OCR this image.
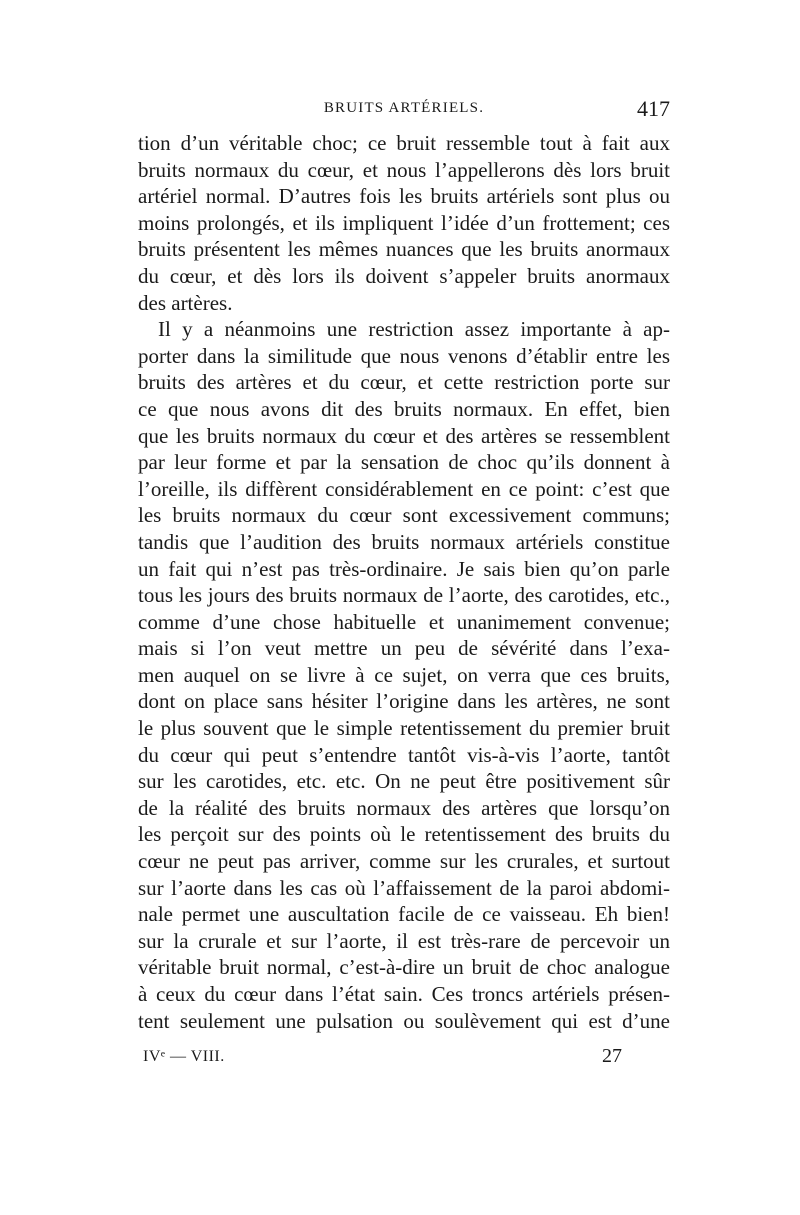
BRUITS ARTÉRIELS.	417
tion d’un véritable choc; ce bruit ressemble tout à fait aux
bruits normaux du cœur, et nous l’appellerons dès lors bruit
artériel normal. D’autres fois les bruits artériels sont plus ou
moins prolongés, et ils impliquent l’idée d’un frottement; ces
bruits présentent les mêmes nuances que les bruits anormaux
du cœur, et dès lors ils doivent s’appeler bruits anormaux
des artères.
Il y a néanmoins une restriction assez importante à ap-
porter dans la similitude que nous venons d’établir entre les
bruits des artères et du cœur, et cette restriction porte sur
ce que nous avons dit des bruits normaux. En effet, bien
que les bruits normaux du cœur et des artères se ressemblent
par leur forme et par la sensation de choc qu’ils donnent à
l’oreille, ils diffèrent considérablement en ce point: c’est que
les bruits normaux du cœur sont excessivement communs;
tandis que l’audition des bruits normaux artériels constitue
un fait qui n’est pas très-ordinaire. Je sais bien qu’on parle
tous les jours des bruits normaux de l’aorte, des carotides, etc.,
comme d’une chose habituelle et unanimement convenue;
mais si l’on veut mettre un peu de sévérité dans l’exa-
men auquel on se livre à ce sujet, on verra que ces bruits,
dont on place sans hésiter l’origine dans les artères, ne sont
le plus souvent que le simple retentissement du premier bruit
du cœur qui peut s’entendre tantôt vis-à-vis l’aorte, tantôt
sur les carotides, etc. etc. On ne peut être positivement sûr
de la réalité des bruits normaux des artères que lorsqu’on
les perçoit sur des points où le retentissement des bruits du
cœur ne peut pas arriver, comme sur les crurales, et surtout
sur l’aorte dans les cas où l’affaissement de la paroi abdomi-
nale permet une auscultation facile de ce vaisseau. Eh bien!
sur la crurale et sur l’aorte, il est très-rare de percevoir un
véritable bruit normal, c’est-à-dire un bruit de choc analogue
à ceux du cœur dans l’état sain. Ces troncs artériels présen-
tent seulement une pulsation ou soulèvement qui est d’une
IVᵉ — VIII.	27
